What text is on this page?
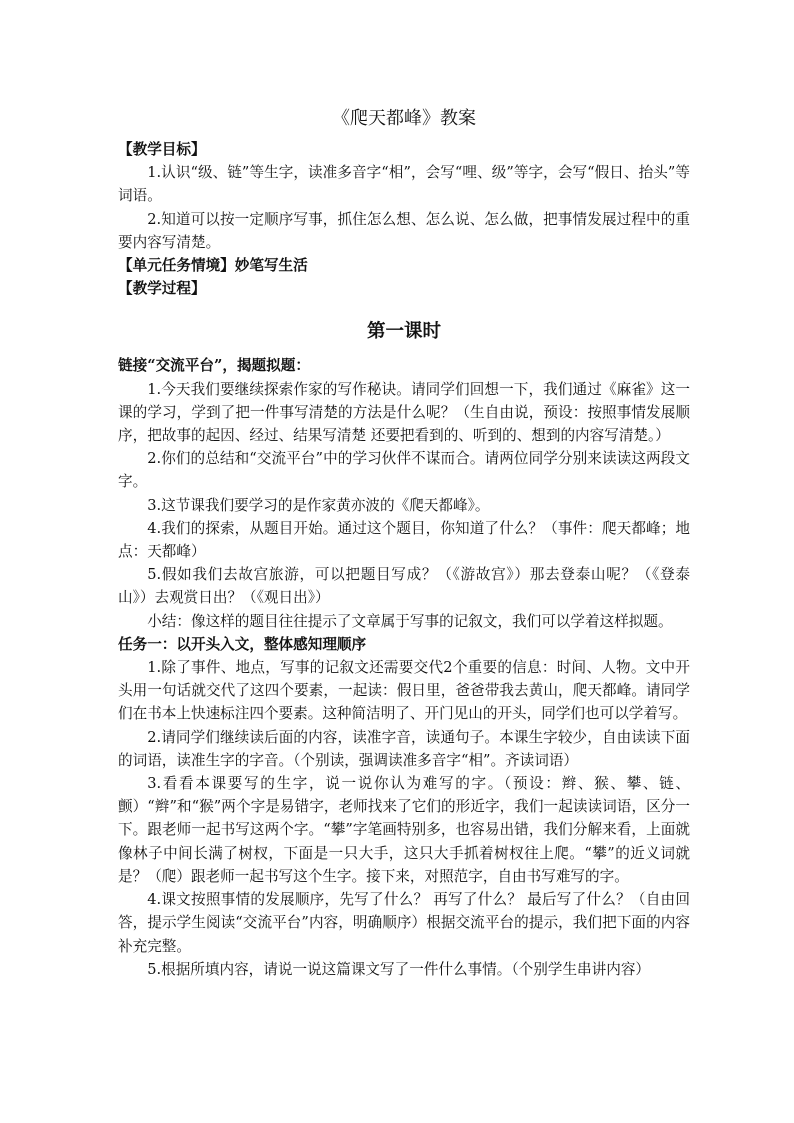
《爬天都峰》教案

【教学目标】

1.认识“级、链”等生字，读准多音字“相”，会写“哩、级”等字，会写“假日、抬头”等词语。

2.知道可以按一定顺序写事，抓住怎么想、怎么说、怎么做，把事情发展过程中的重要内容写清楚。

【单元任务情境】妙笔写生活

【教学过程】

第一课时

链接“交流平台”，揭题拟题：

1.今天我们要继续探索作家的写作秘诀。请同学们回想一下，我们通过《麻雀》这一课的学习，学到了把一件事写清楚的方法是什么呢？（生自由说，预设：按照事情发展顺序，把故事的起因、经过、结果写清楚 还要把看到的、听到的、想到的内容写清楚。）

2.你们的总结和“交流平台”中的学习伙伴不谋而合。请两位同学分别来读读这两段文字。

3.这节课我们要学习的是作家黄亦波的《爬天都峰》。

4.我们的探索，从题目开始。通过这个题目，你知道了什么？（事件：爬天都峰；地点：天都峰）

5.假如我们去故宫旅游，可以把题目写成？（《游故宫》）那去登泰山呢？（《登泰山》）去观赏日出？（《观日出》）

小结：像这样的题目往往提示了文章属于写事的记叙文，我们可以学着这样拟题。

任务一：以开头入文，整体感知理顺序

1.除了事件、地点，写事的记叙文还需要交代2个重要的信息：时间、人物。文中开头用一句话就交代了这四个要素，一起读：假日里，爸爸带我去黄山，爬天都峰。请同学们在书本上快速标注四个要素。这种简洁明了、开门见山的开头，同学们也可以学着写。

2.请同学们继续读后面的内容，读准字音，读通句子。本课生字较少，自由读读下面的词语，读准生字的字音。（个别读，强调读准多音字“相”。齐读词语）

3.看看本课要写的生字，说一说你认为难写的字。（预设：辫、猴、攀、链、颤）“辫”和“猴”两个字是易错字，老师找来了它们的形近字，我们一起读读词语，区分一下。跟老师一起书写这两个字。“攀”字笔画特别多，也容易出错，我们分解来看，上面就像林子中间长满了树杈，下面是一只大手，这只大手抓着树杈往上爬。“攀”的近义词就是？（爬）跟老师一起书写这个生字。接下来，对照范字，自由书写难写的字。

4.课文按照事情的发展顺序，先写了什么？ 再写了什么？ 最后写了什么？（自由回答，提示学生阅读“交流平台”内容，明确顺序）根据交流平台的提示，我们把下面的内容补充完整。

5.根据所填内容，请说一说这篇课文写了一件什么事情。（个别学生串讲内容）
